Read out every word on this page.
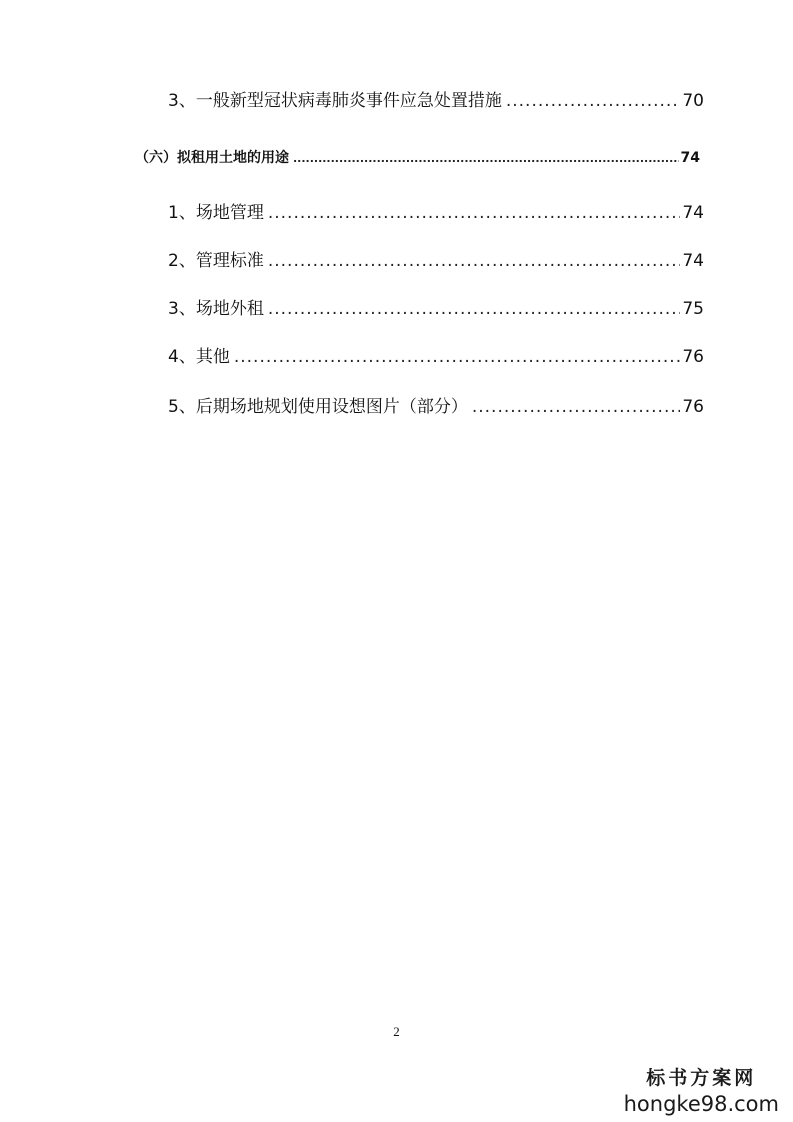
3、一般新型冠状病毒肺炎事件应急处置措施 .....	70
（六）拟租用土地的用途 .....	74
1、场地管理 .....	74
2、管理标准 .....	74
3、场地外租 .....	75
4、其他 .....	76
5、后期场地规划使用设想图片（部分） .....	76
2
标书方案网
hongke98.com
